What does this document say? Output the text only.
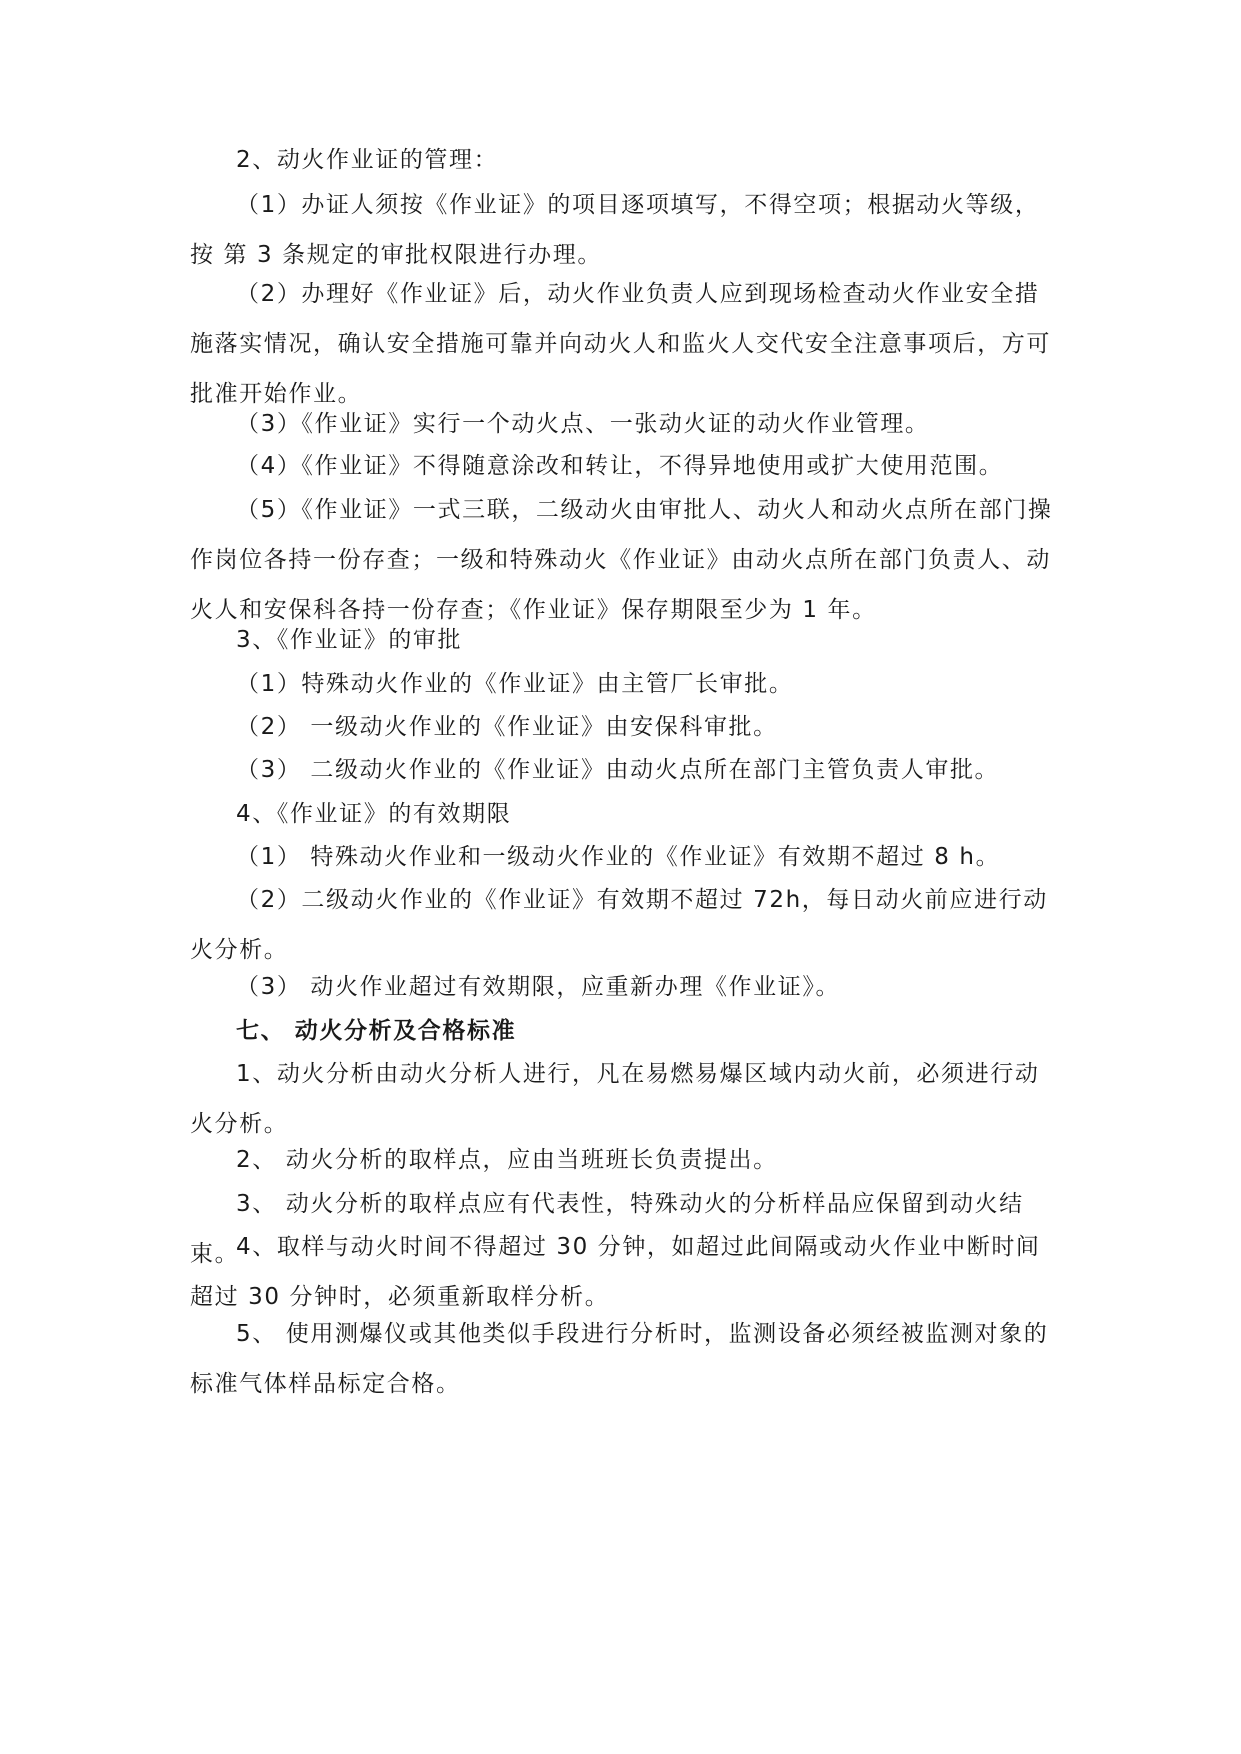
2、动火作业证的管理：

（1）办证人须按《作业证》的项目逐项填写，不得空项；根据动火等级，按 第 3 条规定的审批权限进行办理。

（2）办理好《作业证》后，动火作业负责人应到现场检查动火作业安全措施落实情况，确认安全措施可靠并向动火人和监火人交代安全注意事项后，方可批准开始作业。

（3）《作业证》实行一个动火点、一张动火证的动火作业管理。

（4）《作业证》不得随意涂改和转让，不得异地使用或扩大使用范围。

（5）《作业证》一式三联，二级动火由审批人、动火人和动火点所在部门操作岗位各持一份存查；一级和特殊动火《作业证》由动火点所在部门负责人、动火人和安保科各持一份存查；《作业证》保存期限至少为 1 年。

3、《作业证》的审批

（1）特殊动火作业的《作业证》由主管厂长审批。

（2） 一级动火作业的《作业证》由安保科审批。

（3） 二级动火作业的《作业证》由动火点所在部门主管负责人审批。

4、《作业证》的有效期限

（1） 特殊动火作业和一级动火作业的《作业证》有效期不超过 8 h。

（2）二级动火作业的《作业证》有效期不超过 72h，每日动火前应进行动火分析。

（3） 动火作业超过有效期限，应重新办理《作业证》。

七、 动火分析及合格标准

1、动火分析由动火分析人进行，凡在易燃易爆区域内动火前，必须进行动火分析。

2、 动火分析的取样点，应由当班班长负责提出。

3、 动火分析的取样点应有代表性，特殊动火的分析样品应保留到动火结束。

4、取样与动火时间不得超过 30 分钟，如超过此间隔或动火作业中断时间超过 30 分钟时，必须重新取样分析。

5、 使用测爆仪或其他类似手段进行分析时，监测设备必须经被监测对象的标准气体样品标定合格。
